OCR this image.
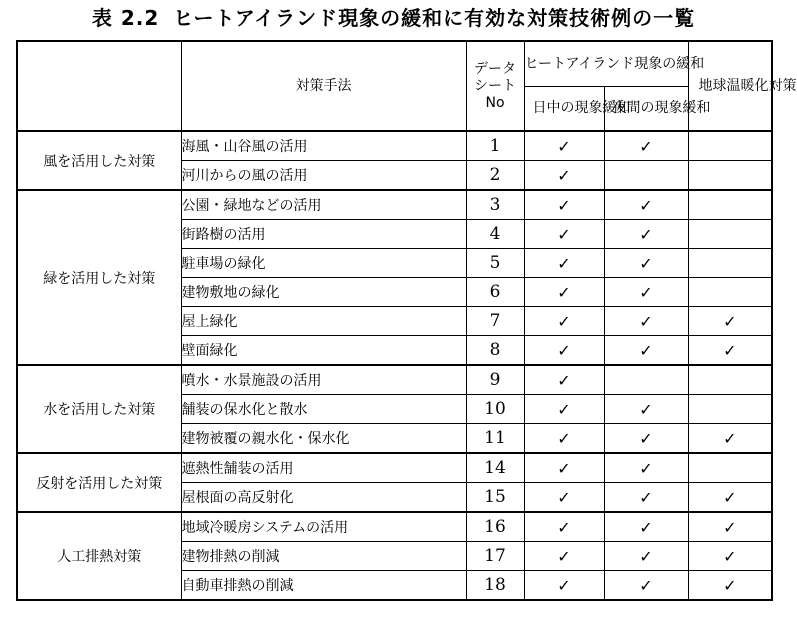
表 2.2 ヒートアイランド現象の緩和に有効な対策技術例の一覧
	対策手法	データ
シート
No	ヒートアイランド現象の緩和		地球温暖化対策
			日中の現象緩和	夜間の現象緩和	
風を活用した対策	海風・山谷風の活用	1	✓	✓	
	河川からの風の活用	2	✓		
緑を活用した対策	公園・緑地などの活用	3	✓	✓	
	街路樹の活用	4	✓	✓	
	駐車場の緑化	5	✓	✓	
	建物敷地の緑化	6	✓	✓	
	屋上緑化	7	✓	✓	✓
	壁面緑化	8	✓	✓	✓
水を活用した対策	噴水・水景施設の活用	9	✓		
	舗装の保水化と散水	10	✓	✓	
	建物被覆の親水化・保水化	11	✓	✓	✓
反射を活用した対策	遮熱性舗装の活用	14	✓	✓	
	屋根面の高反射化	15	✓	✓	✓
人工排熱対策	地域冷暖房システムの活用	16	✓	✓	✓
	建物排熱の削減	17	✓	✓	✓
	自動車排熱の削減	18	✓	✓	✓
